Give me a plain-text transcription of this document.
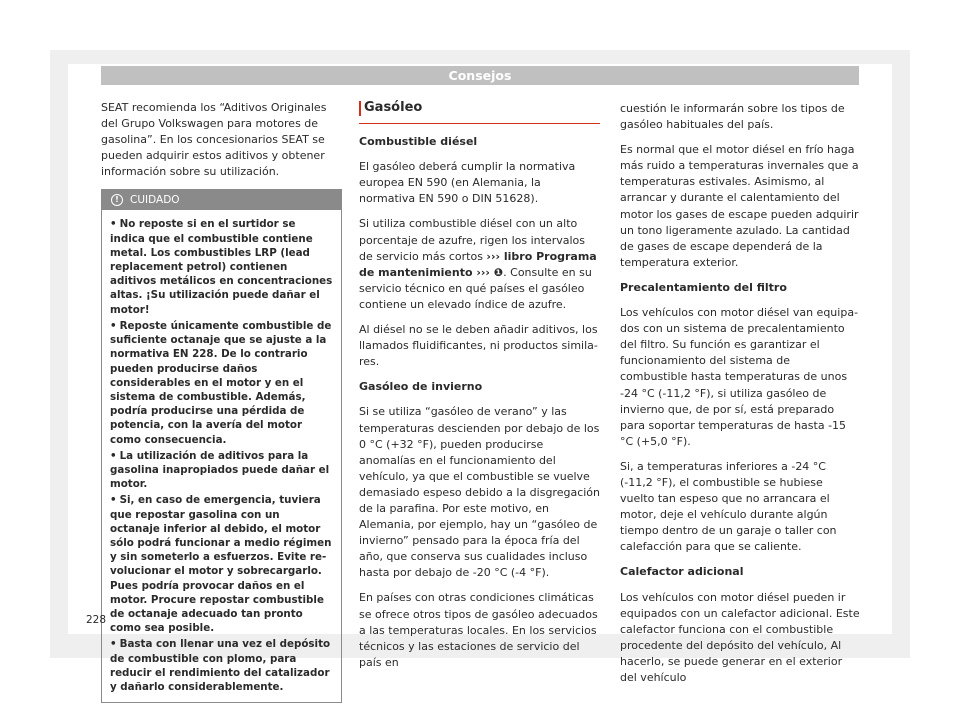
Consejos

SEAT recomienda los “Aditivos Originales del Grupo Volkswagen para motores de gasolina”. En los concesionarios SEAT se pueden adquirir estos aditivos y obtener información sobre su utilización.

!	CUIDADO

• No reposte si en el surtidor se indica que el combustible contiene metal. Los combustibles LRP (lead replacement petrol) contienen aditivos metálicos en concentraciones altas. ¡Su utilización puede dañar el motor!

• Reposte únicamente combustible de suficiente octanaje que se ajuste a la normativa EN 228. De lo contrario pueden producirse daños considerables en el motor y en el sistema de combustible. Además, podría producirse una pérdida de potencia, con la avería del motor como consecuencia.

• La utilización de aditivos para la gasolina inapropiados puede dañar el motor.

• Si, en caso de emergencia, tuviera que repostar gasolina con un octanaje inferior al debido, el motor sólo podrá funcionar a medio régimen y sin someterlo a esfuerzos. Evite revolucionar el motor y sobrecargarlo. Pues podría provocar daños en el motor. Procure repostar combustible de octanaje adecuado tan pronto como sea posible.

• Basta con llenar una vez el depósito de combustible con plomo, para reducir el rendimiento del catalizador y dañarlo considerablemente.

Gasóleo

Combustible diésel

El gasóleo deberá cumplir la normativa europea EN 590 (en Alemania, la normativa EN 590 o DIN 51628).

Si utiliza combustible diésel con un alto porcentaje de azufre, rigen los intervalos de servicio más cortos ››› libro Programa de mantenimiento ››› ❶. Consulte en su servicio técnico en qué países el gasóleo contiene un elevado índice de azufre.

Al diésel no se le deben añadir aditivos, los llamados fluidificantes, ni productos similares.

Gasóleo de invierno

Si se utiliza “gasóleo de verano” y las temperaturas descienden por debajo de los 0 °C (+32 °F), pueden producirse anomalías en el funcionamiento del vehículo, ya que el combustible se vuelve demasiado espeso debido a la disgregación de la parafina. Por este motivo, en Alemania, por ejemplo, hay un “gasóleo de invierno” pensado para la época fría del año, que conserva sus cualidades incluso hasta por debajo de -20 °C (-4 °F).

En países con otras condiciones climáticas se ofrece otros tipos de gasóleo adecuados a las temperaturas locales. En los servicios técnicos y las estaciones de servicio del país en

cuestión le informarán sobre los tipos de gasóleo habituales del país.

Es normal que el motor diésel en frío haga más ruido a temperaturas invernales que a temperaturas estivales. Asimismo, al arrancar y durante el calentamiento del motor los gases de escape pueden adquirir un tono ligeramente azulado. La cantidad de gases de escape dependerá de la temperatura exterior.

Precalentamiento del filtro

Los vehículos con motor diésel van equipados con un sistema de precalentamiento del filtro. Su función es garantizar el funcionamiento del sistema de combustible hasta temperaturas de unos -24 °C (-11,2 °F), si utiliza gasóleo de invierno que, de por sí, está preparado para soportar temperaturas de hasta -15 °C (+5,0 °F).

Si, a temperaturas inferiores a -24 °C (-11,2 °F), el combustible se hubiese vuelto tan espeso que no arrancara el motor, deje el vehículo durante algún tiempo dentro de un garaje o taller con calefacción para que se caliente.

Calefactor adicional

Los vehículos con motor diésel pueden ir equipados con un calefactor adicional. Este calefactor funciona con el combustible procedente del depósito del vehículo, Al hacerlo, se puede generar en el exterior del vehículo

228
